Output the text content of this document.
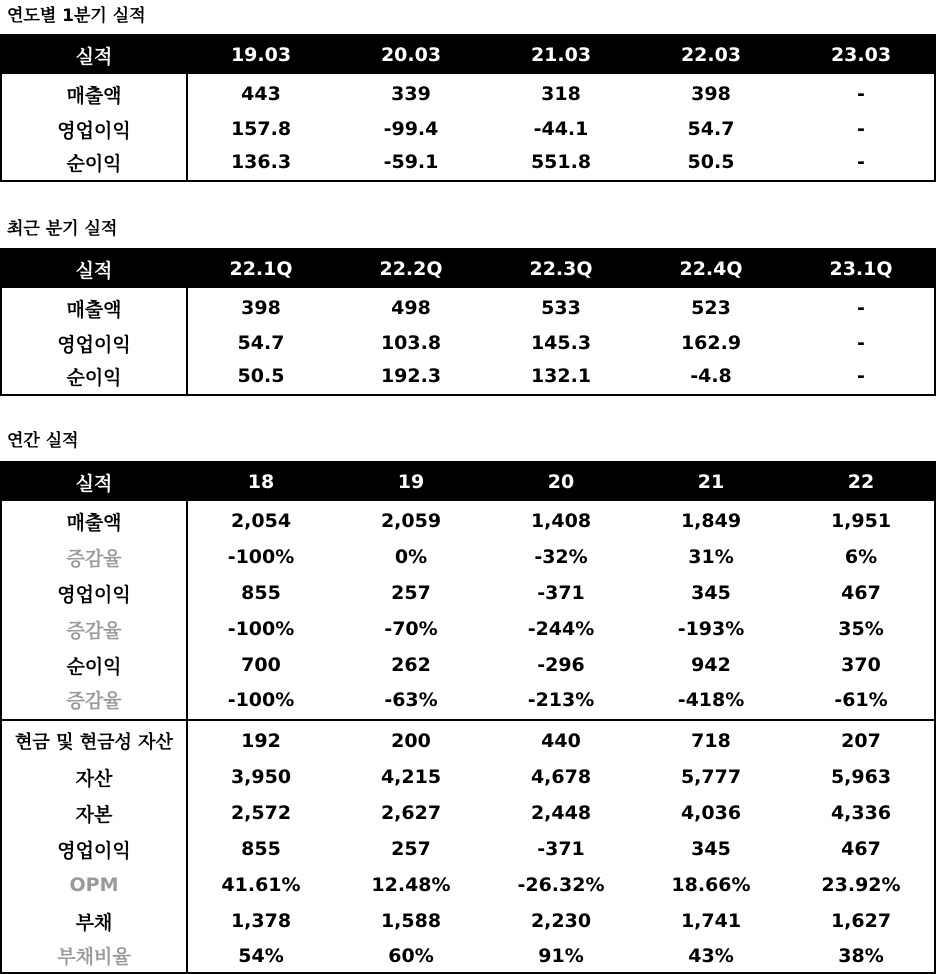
연도별 1분기 실적
실적	19.03	20.03	21.03	22.03	23.03
매출액	443	339	318	398	-
영업이익	157.8	-99.4	-44.1	54.7	-
순이익	136.3	-59.1	551.8	50.5	-
최근 분기 실적
실적	22.1Q	22.2Q	22.3Q	22.4Q	23.1Q
매출액	398	498	533	523	-
영업이익	54.7	103.8	145.3	162.9	-
순이익	50.5	192.3	132.1	-4.8	-
연간 실적
실적	18	19	20	21	22
매출액	2,054	2,059	1,408	1,849	1,951
증감율	-100%	0%	-32%	31%	6%
영업이익	855	257	-371	345	467
증감율	-100%	-70%	-244%	-193%	35%
순이익	700	262	-296	942	370
증감율	-100%	-63%	-213%	-418%	-61%
현금 및 현금성 자산	192	200	440	718	207
자산	3,950	4,215	4,678	5,777	5,963
자본	2,572	2,627	2,448	4,036	4,336
영업이익	855	257	-371	345	467
OPM	41.61%	12.48%	-26.32%	18.66%	23.92%
부채	1,378	1,588	2,230	1,741	1,627
부채비율	54%	60%	91%	43%	38%
